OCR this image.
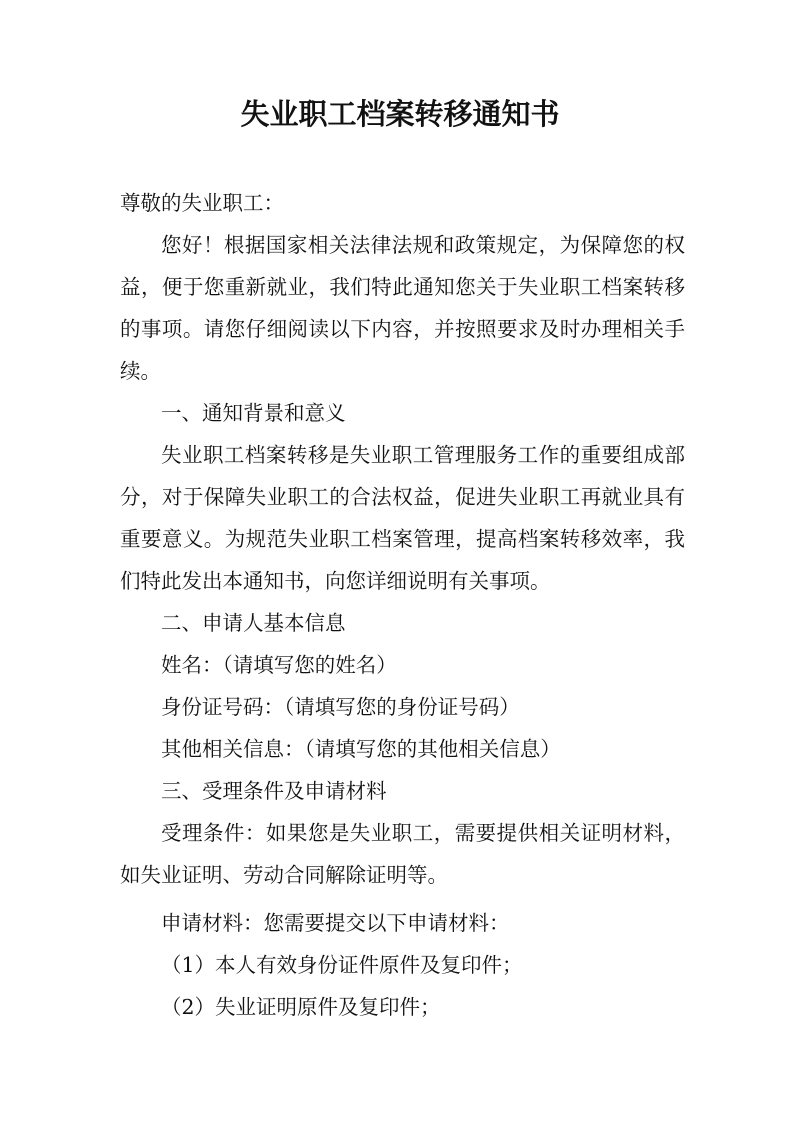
失业职工档案转移通知书

尊敬的失业职工：

您好！根据国家相关法律法规和政策规定，为保障您的权益，便于您重新就业，我们特此通知您关于失业职工档案转移的事项。请您仔细阅读以下内容，并按照要求及时办理相关手续。

一、通知背景和意义

失业职工档案转移是失业职工管理服务工作的重要组成部分，对于保障失业职工的合法权益，促进失业职工再就业具有重要意义。为规范失业职工档案管理，提高档案转移效率，我们特此发出本通知书，向您详细说明有关事项。

二、申请人基本信息

姓名：（请填写您的姓名）

身份证号码：（请填写您的身份证号码）

其他相关信息：（请填写您的其他相关信息）

三、受理条件及申请材料

受理条件：如果您是失业职工，需要提供相关证明材料，如失业证明、劳动合同解除证明等。

申请材料：您需要提交以下申请材料：

（1）本人有效身份证件原件及复印件；

（2）失业证明原件及复印件；
